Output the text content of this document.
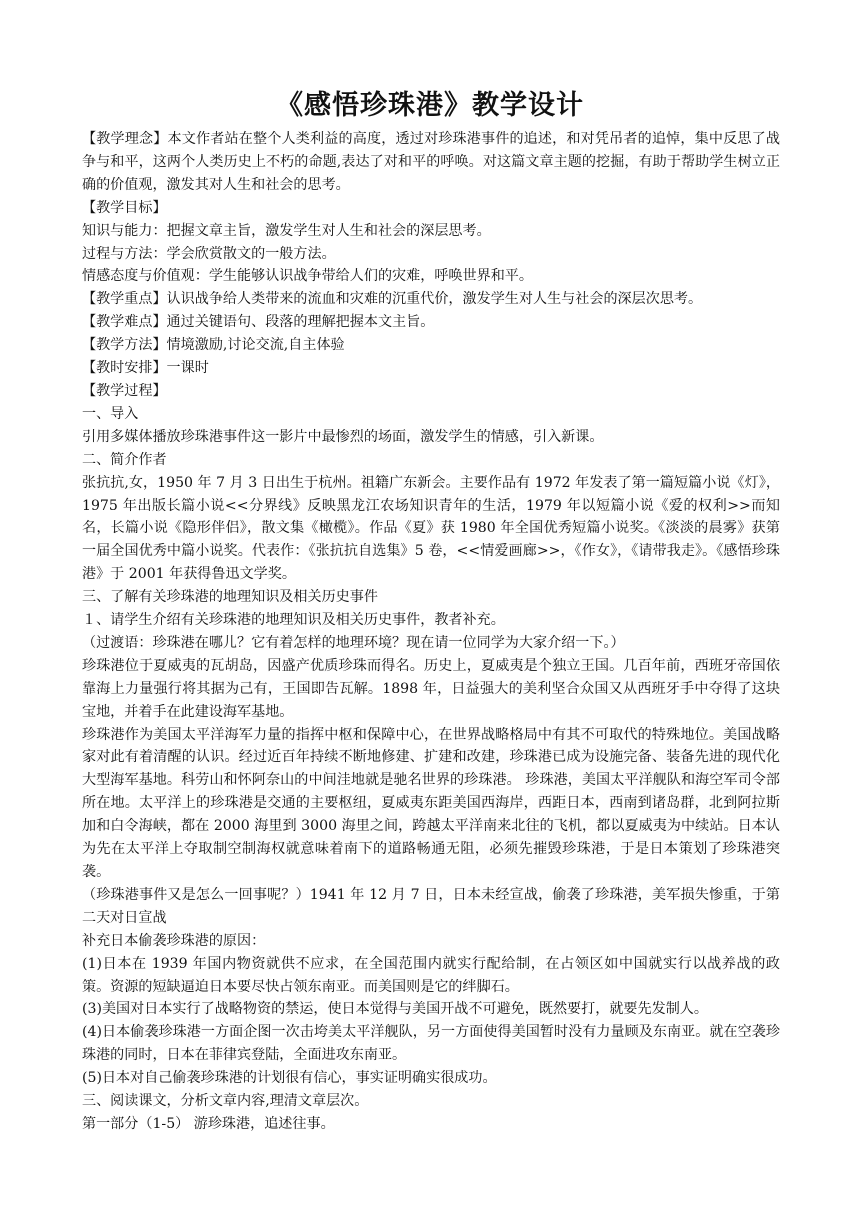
《感悟珍珠港》教学设计

【教学理念】本文作者站在整个人类利益的高度，透过对珍珠港事件的追述，和对凭吊者的追悼，集中反思了战争与和平，这两个人类历史上不朽的命题,表达了对和平的呼唤。对这篇文章主题的挖掘，有助于帮助学生树立正确的价值观，激发其对人生和社会的思考。

【教学目标】

知识与能力：把握文章主旨，激发学生对人生和社会的深层思考。

过程与方法：学会欣赏散文的一般方法。

情感态度与价值观：学生能够认识战争带给人们的灾难，呼唤世界和平。

【教学重点】认识战争给人类带来的流血和灾难的沉重代价，激发学生对人生与社会的深层次思考。

【教学难点】通过关键语句、段落的理解把握本文主旨。

【教学方法】情境激励,讨论交流,自主体验

【教时安排】一课时

【教学过程】

一、导入

引用多媒体播放珍珠港事件这一影片中最惨烈的场面，激发学生的情感，引入新课。

二、简介作者

张抗抗,女，1950 年 7 月 3 日出生于杭州。祖籍广东新会。主要作品有 1972 年发表了第一篇短篇小说《灯》，1975 年出版长篇小说<<分界线》反映黑龙江农场知识青年的生活，1979 年以短篇小说《爱的权利>>而知名，长篇小说《隐形伴侣》，散文集《橄榄》。作品《夏》获 1980 年全国优秀短篇小说奖。《淡淡的晨雾》获第一届全国优秀中篇小说奖。代表作：《张抗抗自选集》5 卷，<<情爱画廊>>，《作女》，《请带我走》。《感悟珍珠港》于 2001 年获得鲁迅文学奖。

三、了解有关珍珠港的地理知识及相关历史事件

１、请学生介绍有关珍珠港的地理知识及相关历史事件，教者补充。

（过渡语：珍珠港在哪儿？它有着怎样的地理环境？现在请一位同学为大家介绍一下。）

珍珠港位于夏威夷的瓦胡岛，因盛产优质珍珠而得名。历史上，夏威夷是个独立王国。几百年前，西班牙帝国依靠海上力量强行将其据为己有，王国即告瓦解。1898 年，日益强大的美利坚合众国又从西班牙手中夺得了这块宝地，并着手在此建设海军基地。

珍珠港作为美国太平洋海军力量的指挥中枢和保障中心，在世界战略格局中有其不可取代的特殊地位。美国战略家对此有着清醒的认识。经过近百年持续不断地修建、扩建和改建，珍珠港已成为设施完备、装备先进的现代化大型海军基地。科劳山和怀阿奈山的中间洼地就是驰名世界的珍珠港。 珍珠港，美国太平洋舰队和海空军司令部所在地。太平洋上的珍珠港是交通的主要枢纽，夏威夷东距美国西海岸，西距日本，西南到诸岛群，北到阿拉斯加和白令海峡，都在 2000 海里到 3000 海里之间，跨越太平洋南来北往的飞机，都以夏威夷为中续站。日本认为先在太平洋上夺取制空制海权就意味着南下的道路畅通无阻，必须先摧毁珍珠港，于是日本策划了珍珠港突袭。

（珍珠港事件又是怎么一回事呢？）1941 年 12 月 7 日，日本未经宣战，偷袭了珍珠港，美军损失惨重，于第二天对日宣战

补充日本偷袭珍珠港的原因：

(1)日本在 1939 年国内物资就供不应求，在全国范围内就实行配给制，在占领区如中国就实行以战养战的政策。资源的短缺逼迫日本要尽快占领东南亚。而美国则是它的绊脚石。

(3)美国对日本实行了战略物资的禁运，使日本觉得与美国开战不可避免，既然要打，就要先发制人。

(4)日本偷袭珍珠港一方面企图一次击垮美太平洋舰队，另一方面使得美国暂时没有力量顾及东南亚。就在空袭珍珠港的同时，日本在菲律宾登陆，全面进攻东南亚。

(5)日本对自己偷袭珍珠港的计划很有信心，事实证明确实很成功。

三、阅读课文，分析文章内容,理清文章层次。

第一部分（1-5） 游珍珠港，追述往事。
